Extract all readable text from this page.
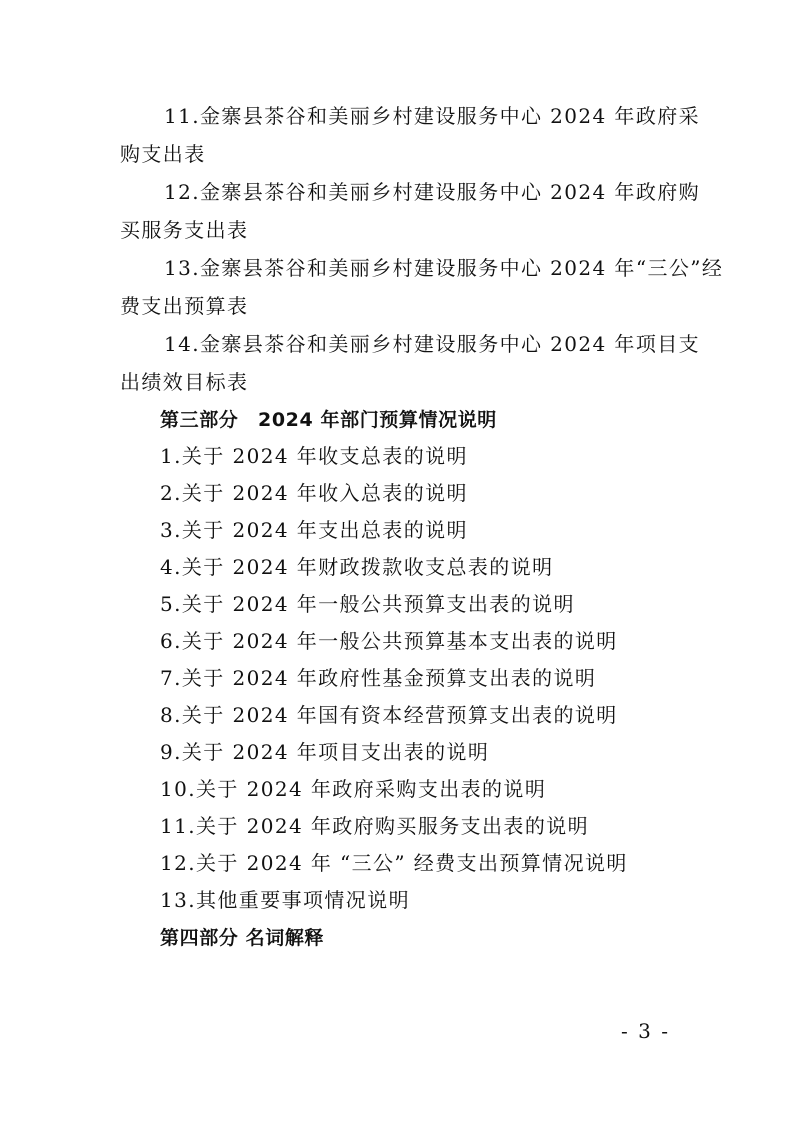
11.金寨县茶谷和美丽乡村建设服务中心 2024 年政府采
购支出表
12.金寨县茶谷和美丽乡村建设服务中心 2024 年政府购
买服务支出表
13.金寨县茶谷和美丽乡村建设服务中心 2024 年“三公”经
费支出预算表
14.金寨县茶谷和美丽乡村建设服务中心 2024 年项目支
出绩效目标表
第三部分　2024 年部门预算情况说明
1.关于 2024 年收支总表的说明
2.关于 2024 年收入总表的说明
3.关于 2024 年支出总表的说明
4.关于 2024 年财政拨款收支总表的说明
5.关于 2024 年一般公共预算支出表的说明
6.关于 2024 年一般公共预算基本支出表的说明
7.关于 2024 年政府性基金预算支出表的说明
8.关于 2024 年国有资本经营预算支出表的说明
9.关于 2024 年项目支出表的说明
10.关于 2024 年政府采购支出表的说明
11.关于 2024 年政府购买服务支出表的说明
12.关于 2024 年 “三公” 经费支出预算情况说明
13.其他重要事项情况说明
第四部分 名词解释
- 3 -
